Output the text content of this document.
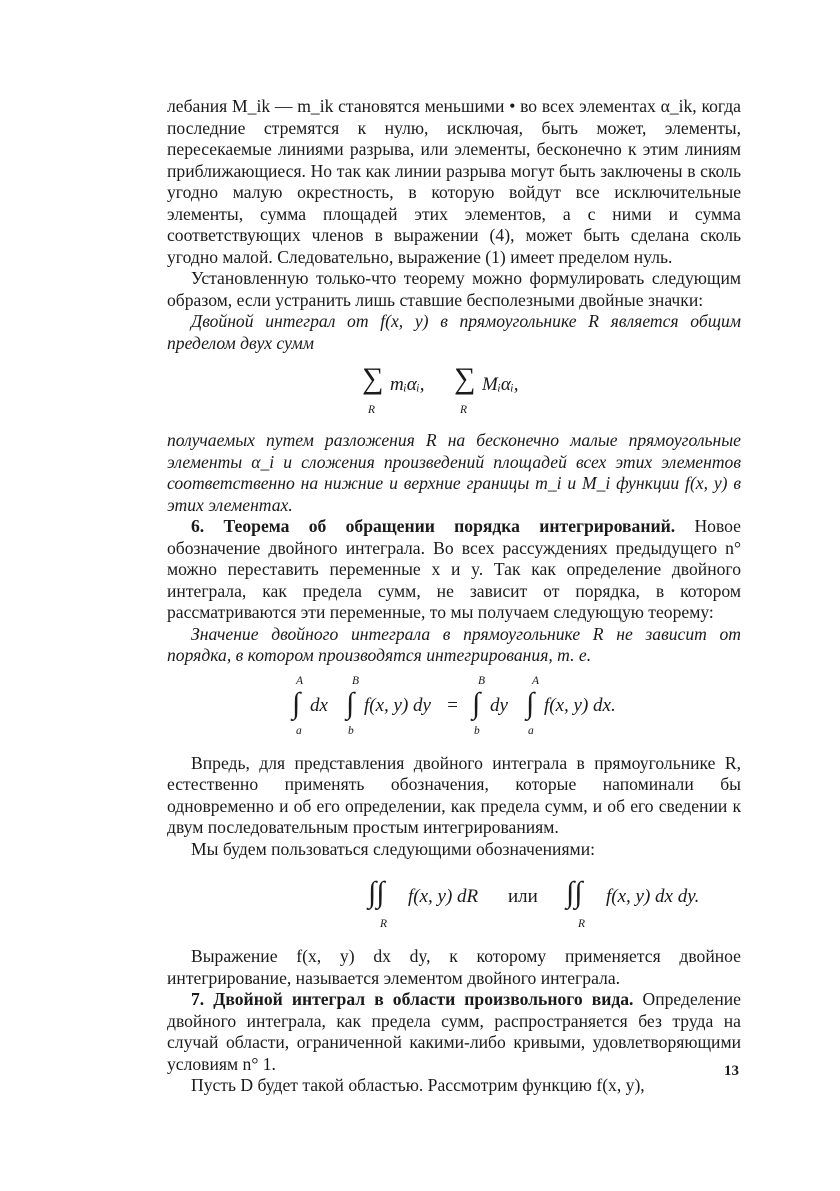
лебания M_ik — m_ik становятся меньшими • во всех элементах α_ik, когда последние стремятся к нулю, исключая, быть может, элементы, пересекаемые линиями разрыва, или элементы, бесконечно к этим линиям приближающиеся. Но так как линии разрыва могут быть заключены в сколь угодно малую окрестность, в которую войдут все исключительные элементы, сумма площадей этих элементов, а с ними и сумма соответствующих членов в выражении (4), может быть сделана сколь угодно малой. Следовательно, выражение (1) имеет пределом нуль.

Установленную только-что теорему можно формулировать следующим образом, если устранить лишь ставшие бесполезными двойные значки:

Двойной интеграл от f(x, y) в прямоугольнике R является общим пределом двух сумм

∑ mᵢαᵢ,
R
∑ Mᵢαᵢ,
R

получаемых путем разложения R на бесконечно малые прямоугольные элементы α_i и сложения произведений площадей всех этих элементов соответственно на нижние и верхние границы m_i и M_i функции f(x, y) в этих элементах.

6. Теорема об обращении порядка интегрирований. Новое обозначение двойного интеграла. Во всех рассуждениях предыдущего n° можно переставить переменные x и y. Так как определение двойного интеграла, как предела сумм, не зависит от порядка, в котором рассматриваются эти переменные, то мы получаем следующую теорему:

Значение двойного интеграла в прямоугольнике R не зависит от порядка, в котором производятся интегрирования, т. е.

A
∫
a
dx
B
∫
b
f(x, y) dy =
B
∫
b
dy
A
∫
a
f(x, y) dx.

Впредь, для представления двойного интеграла в прямоугольнике R, естественно применять обозначения, которые напоминали бы одновременно и об его определении, как предела сумм, и об его сведении к двум последовательным простым интегрированиям.

Мы будем пользоваться следующими обозначениями:

∫∫
R
f(x, y) dR или ∫∫
R
f(x, y) dx dy.

Выражение f(x, y) dx dy, к которому применяется двойное интегрирование, называется элементом двойного интеграла.

7. Двойной интеграл в области произвольного вида. Определение двойного интеграла, как предела сумм, распространяется без труда на случай области, ограниченной какими-либо кривыми, удовлетворяющими условиям n° 1.

Пусть D будет такой областью. Рассмотрим функцию f(x, y),

13
